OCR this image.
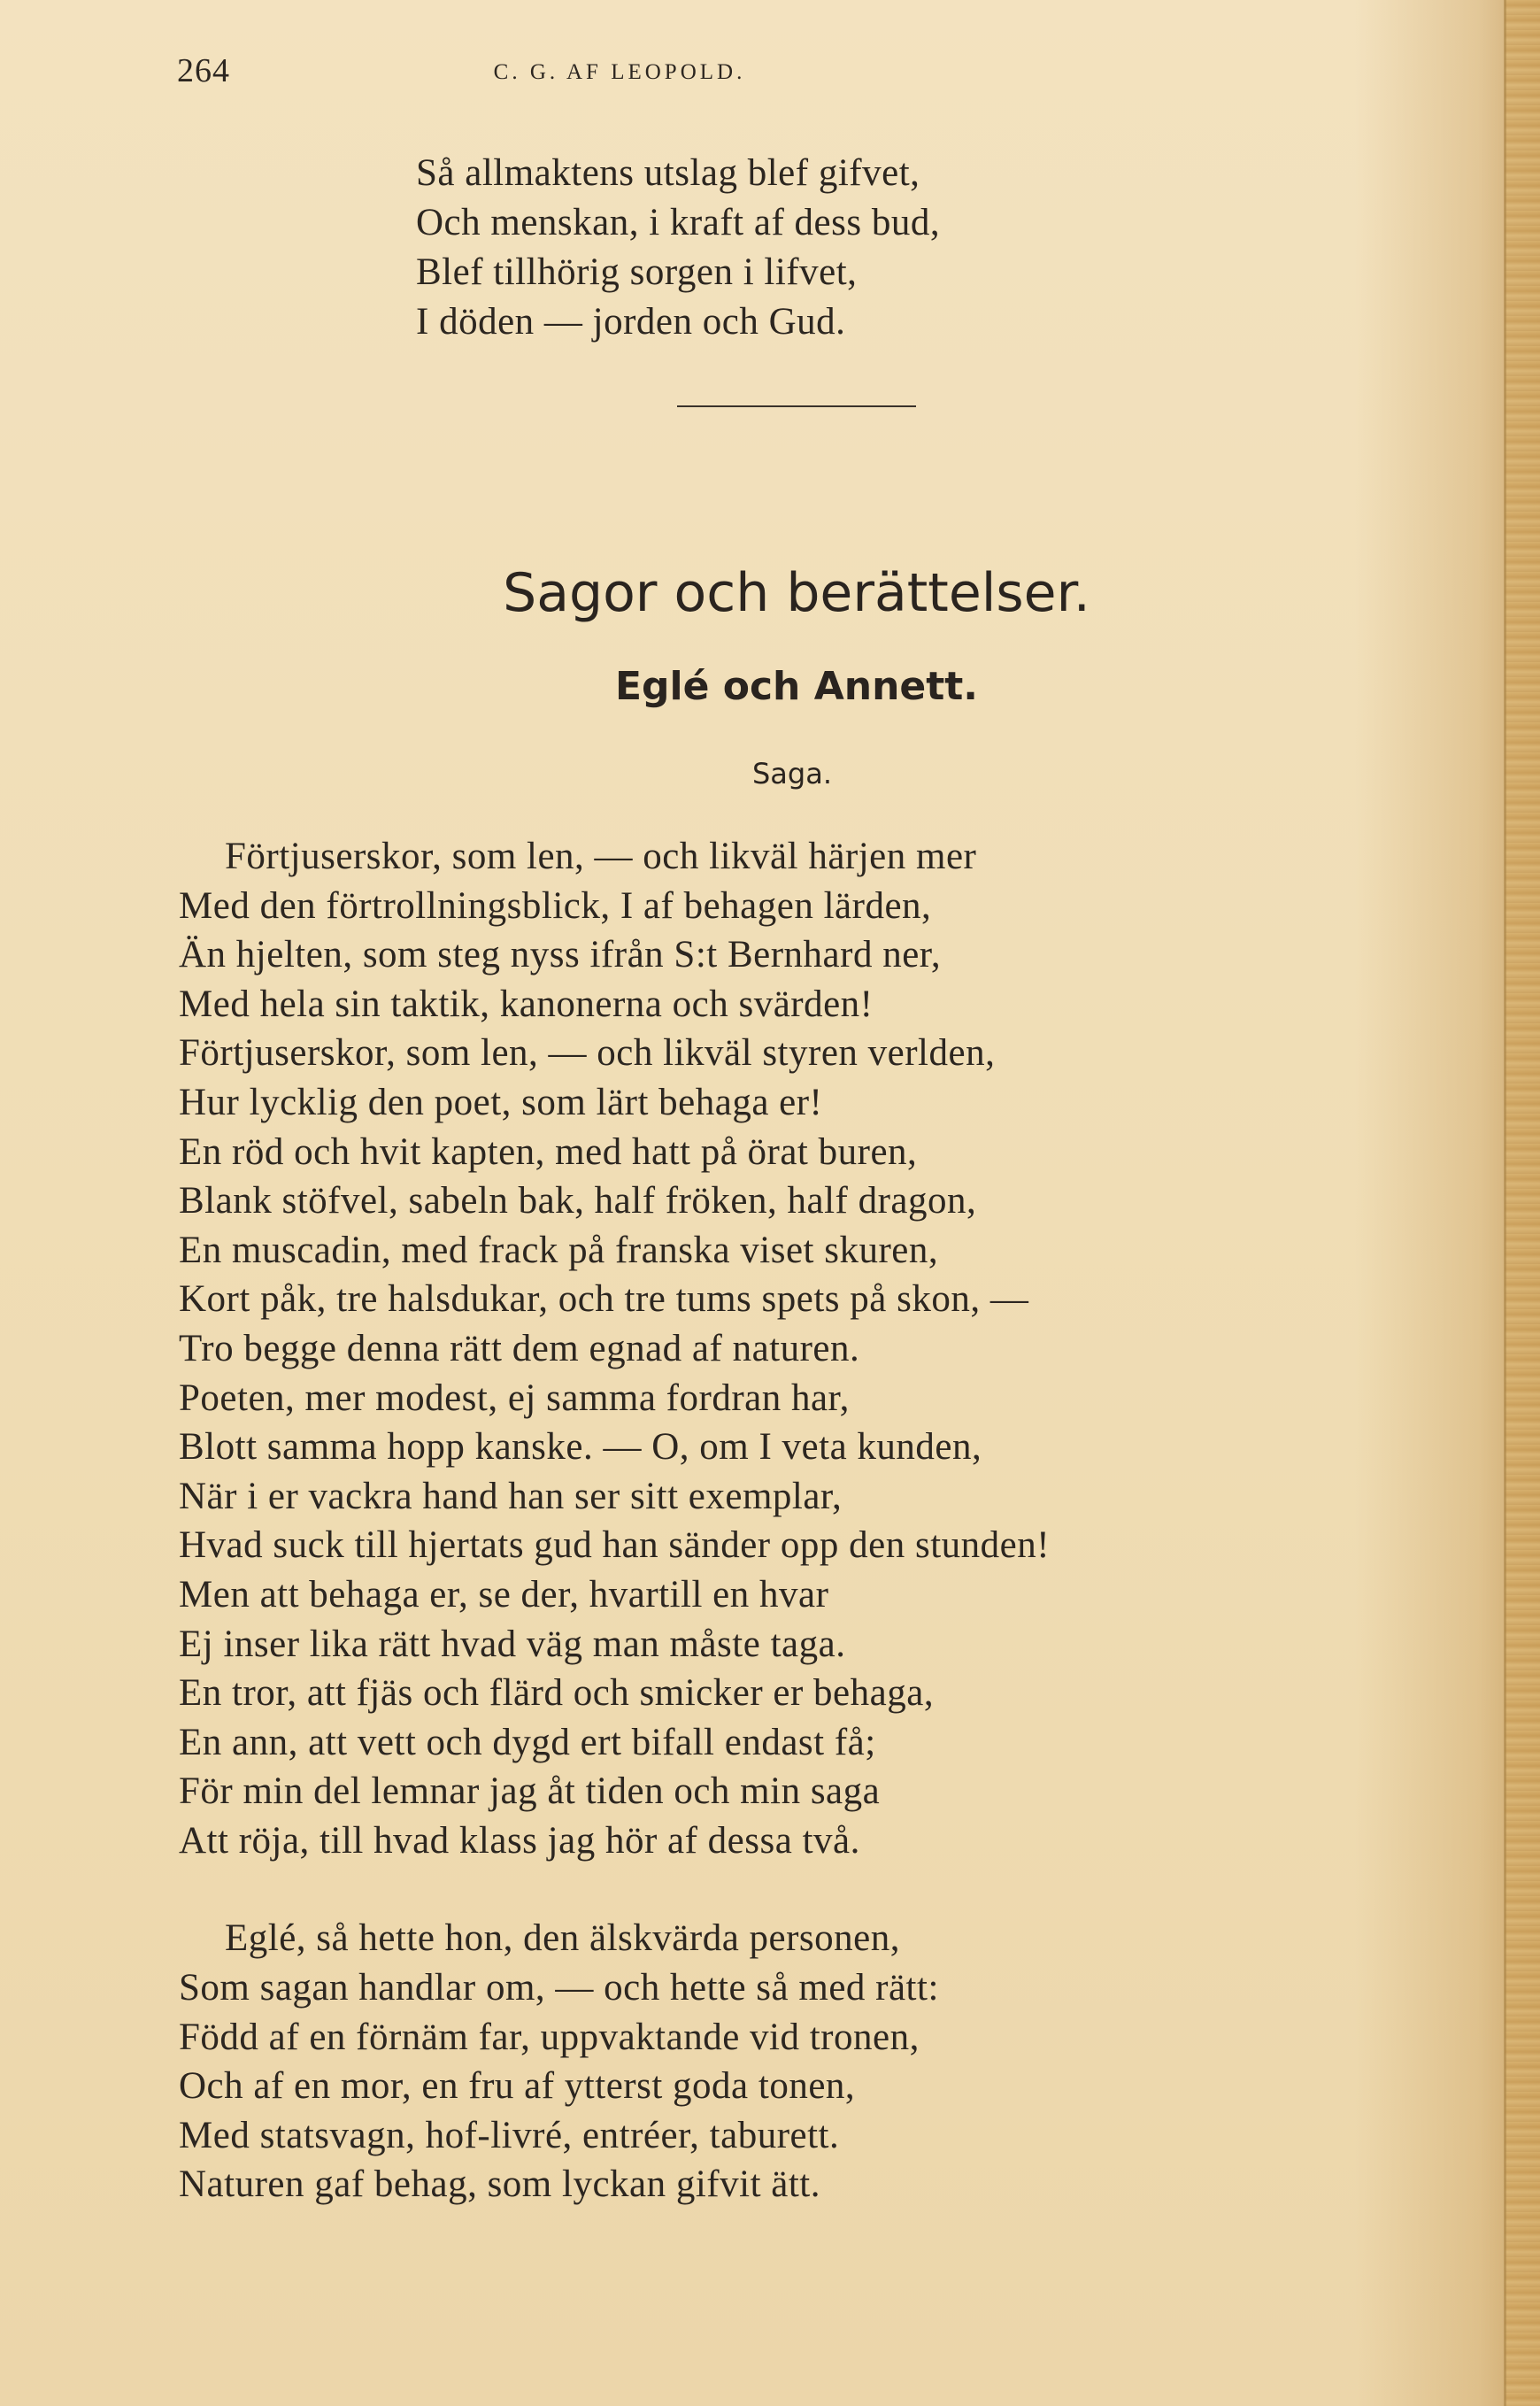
264	C. G. AF LEOPOLD.
Så allmaktens utslag blef gifvet,
Och menskan, i kraft af dess bud,
Blef tillhörig sorgen i lifvet,
I döden — jorden och Gud.
Sagor och berättelser.
Eglé och Annett.
Saga.
Förtjuserskor, som len, — och likväl härjen mer
Med den förtrollningsblick, I af behagen lärden,
Än hjelten, som steg nyss ifrån S:t Bernhard ner,
Med hela sin taktik, kanonerna och svärden!
Förtjuserskor, som len, — och likväl styren verlden,
Hur lycklig den poet, som lärt behaga er!
En röd och hvit kapten, med hatt på örat buren,
Blank stöfvel, sabeln bak, half fröken, half dragon,
En muscadin, med frack på franska viset skuren,
Kort påk, tre halsdukar, och tre tums spets på skon, —
Tro begge denna rätt dem egnad af naturen.
Poeten, mer modest, ej samma fordran har,
Blott samma hopp kanske. — O, om I veta kunden,
När i er vackra hand han ser sitt exemplar,
Hvad suck till hjertats gud han sänder opp den stunden!
Men att behaga er, se der, hvartill en hvar
Ej inser lika rätt hvad väg man måste taga.
En tror, att fjäs och flärd och smicker er behaga,
En ann, att vett och dygd ert bifall endast få;
För min del lemnar jag åt tiden och min saga
Att röja, till hvad klass jag hör af dessa två.
Eglé, så hette hon, den älskvärda personen,
Som sagan handlar om, — och hette så med rätt:
Född af en förnäm far, uppvaktande vid tronen,
Och af en mor, en fru af ytterst goda tonen,
Med statsvagn, hof-livré, entréer, taburett.
Naturen gaf behag, som lyckan gifvit ätt.
